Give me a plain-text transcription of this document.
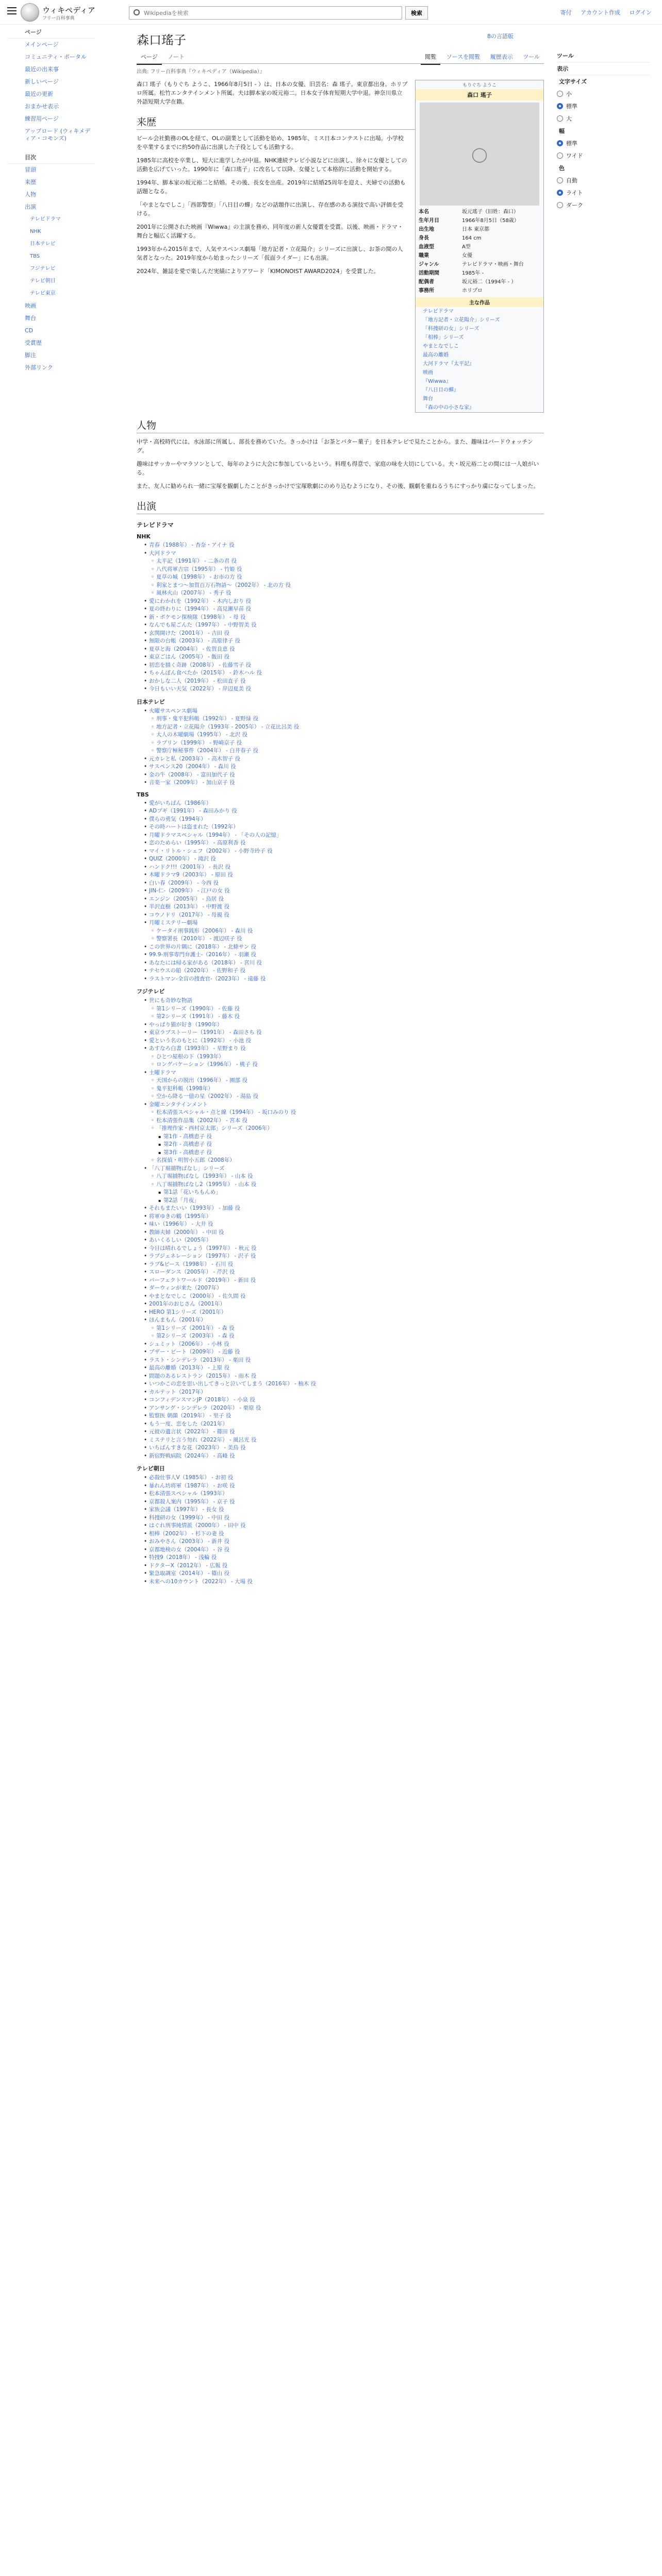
ウィキペディア
フリー百科事典
Wikipediaを検索
検索	寄付 アカウント作成 ログイン
ページ
メインページ
コミュニティ・ポータル
最近の出来事
新しいページ
最近の更新
おまかせ表示
練習用ページ
アップロード (ウィキメディア・コモンズ)
目次
冒頭
来歴
人物
出演
テレビドラマ
NHK
日本テレビ
TBS
フジテレビ
テレビ朝日
テレビ東京
映画
舞台
CD
受賞歴
脚注
外部リンク
ツール
表示
文字サイズ
小
標準
大
幅
標準
ワイド
色
自動
ライト
ダーク
森口瑤子	8の言語版
ページ ノート	閲覧 ソースを閲覧 履歴表示 ツール
出典: フリー百科事典『ウィキペディア（Wikipedia）』
もりぐち ようこ
森口 瑤子
◯
本名	坂元瑤子（旧姓：森口）
生年月日	1966年8月5日（58歳）
出生地	日本 東京都
身長	164 cm
血液型	A型
職業	女優
ジャンル	テレビドラマ・映画・舞台
活動期間	1985年 -
配偶者	坂元裕二（1994年 - ）
事務所	ホリプロ
主な作品
テレビドラマ
「地方記者・立花陽介」シリーズ
「科捜研の女」シリーズ
「相棒」シリーズ
やまとなでしこ
最高の離婚
大河ドラマ『太平記』
映画
『Wiwwa』
『八日目の蟬』
舞台
『森の中の小さな家』

森口 瑤子（もりぐち ようこ、1966年8月5日 - ）は、日本の女優、旧芸名：森 瑤子。東京都出身。ホリプロ所属。松竹エンタテインメント所属。夫は脚本家の坂元裕二。日本女子体育短期大学中退。神奈川県立外語短期大学在籍。

来歴

ビール会社勤務のOLを経て、OLの副業として活動を始め、1985年、ミス日本コンテストに出場。小学校を卒業するまでに約50作品に出演した子役としても活動する。

1985年に高校を卒業し、短大に進学したが中退。NHK連続テレビ小説などに出演し、徐々に女優としての活動を広げていった。1990年に「森口瑤子」に改名して以降、女優として本格的に活動を開始する。

1994年、脚本家の坂元裕二と結婚。その後、長女を出産。2019年に結婚25周年を迎え、夫婦での活動も話題となる。

「やまとなでしこ」「西部警察」「八日目の蟬」などの話題作に出演し、存在感のある演技で高い評価を受ける。

2001年に公開された映画『Wiwwa』の主演を務め、同年度の新人女優賞を受賞。以後、映画・ドラマ・舞台と幅広く活躍する。

1993年から2015年まで、人気サスペンス劇場「地方記者・立花陽介」シリーズに出演し、お茶の間の人気者となった。2019年度から始まったシリーズ「仮面ライダー」にも出演。

2024年、雑誌を愛で楽しんだ実績によりアワード「KIMONOIST AWARD2024」を受賞した。

人物

中学・高校時代には、水泳部に所属し、部長を務めていた。きっかけは「お茶とバター菓子」を日本テレビで見たことから。また、趣味はバードウォッチング。

趣味はサッカーやマラソンとして、毎年のように大会に参加しているという。料理も得意で、家庭の味を大切にしている。夫・坂元裕二との間には一人娘がいる。

また、友人に勧められ一緒に宝塚を観劇したことがきっかけで宝塚歌劇にのめり込むようになり、その後、観劇を重ねるうちにすっかり虜になってしまった。

出演
テレビドラマ
NHK
• 青春（1988年） - 杏奈・アイナ 役
• 大河ドラマ
◦ 太平記（1991年） - 二条の君 役
◦ 八代将軍吉宗（1995年） - 竹姫 役
◦ 夏草の城（1998年） - お市の方 役
◦ 利家とまつ〜加賀百万石物語〜（2002年） - 北の方 役
◦ 風林火山（2007年） - 秀子 役
• 愛にわかれを（1992年） - 木内しおり 役
• 夏の終わりに（1994年） - 高見瀬早苗 役
• 新・ポケモン探検隊（1998年） - 母 役
• なんでも屋ごんた（1997年） - 中野智美 役
• 玄関開けた（2001年） - 吉田 役
• 無限の台帳（2003年） - 高原律子 役
• 夏草と海（2004年） - 佐賀良恵 役
• 東京ごはん（2005年） - 飯田 役
• 初恋を描く奇跡（2008年） - 佐藤雪子 役
• ちゃんぽん食べたか（2015年） - 鈴木ハル 役
• おかしな二人（2019年） - 松田直子 役
• 今日もいい天気（2022年） - 岸辺夏美 役
日本テレビ
• 火曜サスペンス劇場
◦ 刑事・鬼平犯科帳（1992年） - 夏野緑 役
◦ 地方記者・立花陽介（1993年 - 2005年） - 立花比呂美 役
◦ 大人の木曜劇場（1995年） - 北沢 役
◦ ラブリン（1999年） - 野崎京子 役
◦ 警察庁極秘事件（2004年） - 白井春子 役
• 元カレと私（2003年） - 高木智子 役
• サスペンス20（2004年） - 森川 役
• 金の牛（2008年） - 富田加代子 役
• 音楽一家（2009年） - 加山京子 役
TBS
• 愛がいちばん（1986年）
• ADブギ（1991年） - 森田みかり 役
• 僕らの勇気（1994年）
• その時ハートは盗まれた（1992年）
• 月曜ドラマスペシャル（1994年） - 「その人の記憶」
• 恋のためらい（1995年） - 高原利香 役
• マイ・リトル・シェフ（2002年） - 小野寺玲子 役
• QUIZ（2000年） - 滝沢 役
• ハンドク!!!（2001年） - 長沢 役
• 木曜ドラマ9（2003年） - 原田 役
• 白い春（2009年） - 今西 役
• JIN-仁-（2009年） - 江戸の女 役
• エンジン（2005年） - 鳥居 役
• 半沢直樹（2013年） - 中野渡 役
• コウノドリ（2017年） - 母親 役
• 月曜ミステリー劇場
◦ ケータイ刑事銭形（2006年） - 森川 役
◦ 警察署長（2010年） - 渡辺咲子 役
• この世界の片隅に（2018年） - 北條サン 役
• 99.9-刑事専門弁護士-（2016年） - 羽瀬 役
• あなたには帰る家がある（2018年） - 宮川 役
• テセウスの船（2020年） - 佐野和子 役
• ラストマン-全盲の捜査官-（2023年） - 遠藤 役
フジテレビ
• 世にも奇妙な物語
◦ 第1シリーズ（1990年） - 佐藤 役
◦ 第2シリーズ（1991年） - 藤木 役
• やっぱり猫が好き（1990年）
• 東京ラブストーリー（1991年） - 森田さち 役
• 愛という名のもとに（1992年） - 小池 役
• あすなろ白書（1993年） - 星野まり 役
◦ ひとつ屋根の下（1993年）
◦ ロングバケーション（1996年） - 桃子 役
• 土曜ドラマ
◦ 天国からの脱出（1996年） - 園部 役
◦ 鬼平犯科帳（1998年）
◦ 空から降る一億の星（2002年） - 湯島 役
• 金曜エンタテインメント
◦ 松本清張スペシャル・点と線（1994年） - 坂口みのり 役
◦ 松本清張作品集（2002年） - 宮本 役
◦ 「推理作家・西村京太郎」シリーズ（2006年）
▪ 第1作 - 高橋恵子 役
▪ 第2作 - 高橋恵子 役
▪ 第3作 - 高橋恵子 役
◦ 名探偵・明智小五郎（2008年）
• 「八丁堀捕物ばなし」シリーズ
◦ 八丁堀捕物ばなし（1993年） - 山本 役
◦ 八丁堀捕物ばなし2（1995年） - 山本 役
▪ 第1話「花いちもんめ」
▪ 第2話「月夜」
• それもまたいい（1993年） - 加藤 役
• 将軍ゆきの鶴（1995年）
• 味い（1996年） - 大井 役
• 教師夫婦（2000年） - 中田 役
• あいくるしい（2005年）
• 今日は晴れるでしょう（1997年） - 秋元 役
• ラブジェネレーション（1997年） - 沢子 役
• ラブ&ピース（1998年） - 石川 役
• スローダンス（2005年） - 芹沢 役
• パーフェクトワールド（2019年） - 新田 役
• ダーウィンが来た（2007年）
• やまとなでしこ（2000年） - 佐久間 役
• 2001年のおじさん（2001年）
• HERO 第1シリーズ（2001年）
• ほんまもん（2001年）
◦ 第1シリーズ（2001年） - 森 役
◦ 第2シリーズ（2003年） - 森 役
• シュミット（2006年） - 小林 役
• ブザー・ビート（2009年） - 近藤 役
• ラスト・シンデレラ（2013年） - 栗田 役
• 最高の離婚（2013年） - 上原 役
• 問題のあるレストラン（2015年） - 雨木 役
• いつかこの恋を思い出してきっと泣いてしまう（2016年） - 柚木 役
• カルテット（2017年）
• コンフィデンスマンJP（2018年） - 小泉 役
• アンサング・シンデレラ（2020年） - 栗原 役
• 監察医 朝顔（2019年） - 里子 役
• もう一度、恋をした（2021年）
• 元彼の遺言状（2022年） - 篠田 役
• ミステリと言う勿れ（2022年） - 風呂光 役
• いちばんすきな花（2023年） - 美鳥 役
• 新宿野戦病院（2024年） - 高峰 役
テレビ朝日
• 必殺仕事人V（1985年） - お初 役
• 暴れん坊将軍（1987年） - お咲 役
• 松本清張スペシャル（1993年）
• 京都殺人案内（1995年） - 京子 役
• 家族会議（1997年） - 長女 役
• 科捜研の女（1999年） - 中田 役
• はぐれ刑事純情派（2000年） - 田中 役
• 相棒（2002年） - 杉下の妻 役
• おみやさん（2003年） - 新井 役
• 京都地検の女（2004年） - 谷 役
• 特捜9（2018年） - 浅輪 役
• ドクターX（2012年） - 広報 役
• 緊急取調室（2014年） - 篠山 役
• 未来への10カウント（2022年） - 大場 役
